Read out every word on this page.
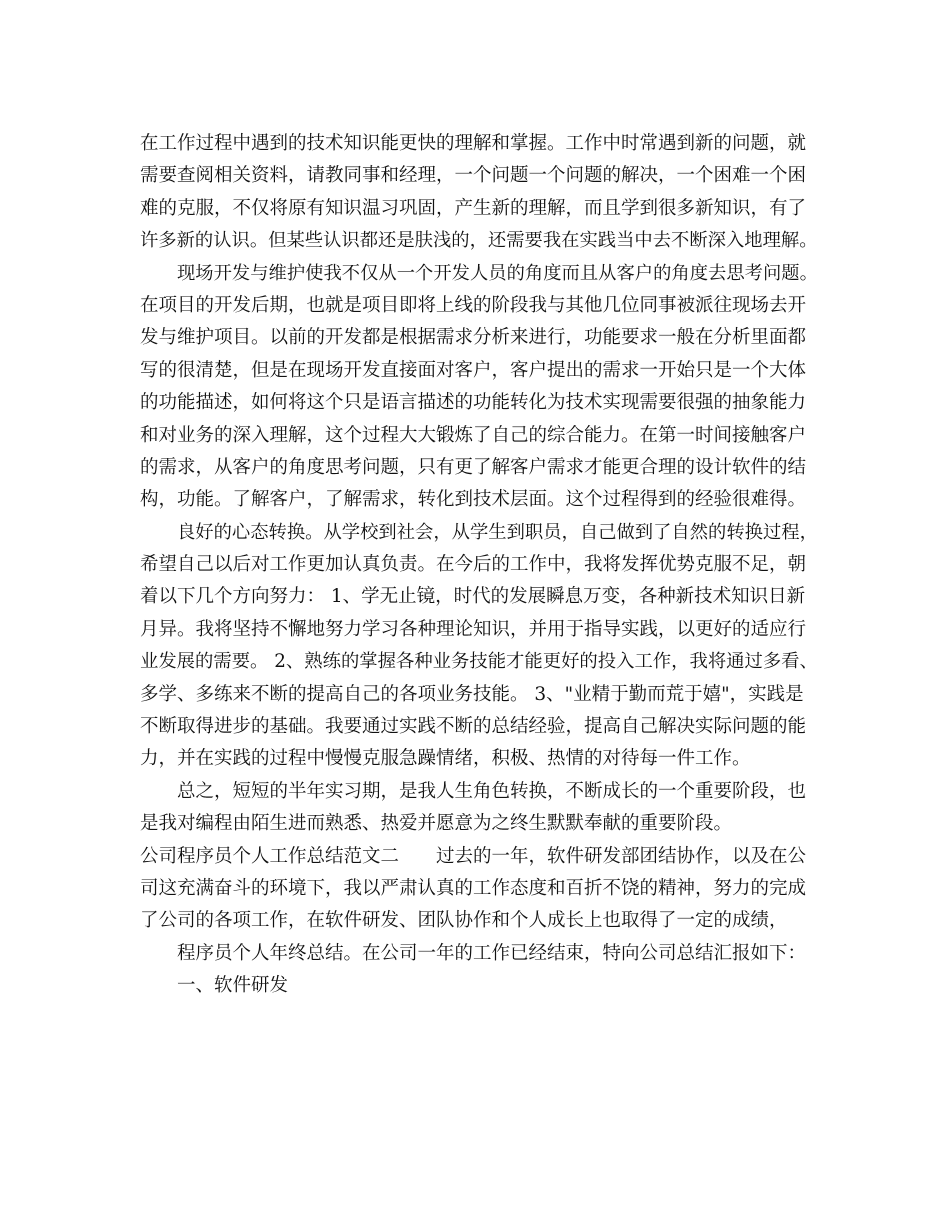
在工作过程中遇到的技术知识能更快的理解和掌握。工作中时常遇到新的问题，就
需要查阅相关资料，请教同事和经理，一个问题一个问题的解决，一个困难一个困
难的克服，不仅将原有知识温习巩固，产生新的理解，而且学到很多新知识，有了
许多新的认识。但某些认识都还是肤浅的，还需要我在实践当中去不断深入地理解。
现场开发与维护使我不仅从一个开发人员的角度而且从客户的角度去思考问题。
在项目的开发后期，也就是项目即将上线的阶段我与其他几位同事被派往现场去开
发与维护项目。以前的开发都是根据需求分析来进行，功能要求一般在分析里面都
写的很清楚，但是在现场开发直接面对客户，客户提出的需求一开始只是一个大体
的功能描述，如何将这个只是语言描述的功能转化为技术实现需要很强的抽象能力
和对业务的深入理解，这个过程大大锻炼了自己的综合能力。在第一时间接触客户
的需求，从客户的角度思考问题，只有更了解客户需求才能更合理的设计软件的结
构，功能。了解客户，了解需求，转化到技术层面。这个过程得到的经验很难得。
良好的心态转换。从学校到社会，从学生到职员，自己做到了自然的转换过程，
希望自己以后对工作更加认真负责。在今后的工作中，我将发挥优势克服不足，朝
着以下几个方向努力： 1、学无止镜，时代的发展瞬息万变，各种新技术知识日新
月异。我将坚持不懈地努力学习各种理论知识，并用于指导实践，以更好的适应行
业发展的需要。 2、熟练的掌握各种业务技能才能更好的投入工作，我将通过多看、
多学、多练来不断的提高自己的各项业务技能。 3、"业精于勤而荒于嬉"，实践是
不断取得进步的基础。我要通过实践不断的总结经验，提高自己解决实际问题的能
力，并在实践的过程中慢慢克服急躁情绪，积极、热情的对待每一件工作。
总之，短短的半年实习期，是我人生角色转换，不断成长的一个重要阶段，也
是我对编程由陌生进而熟悉、热爱并愿意为之终生默默奉献的重要阶段。
公司程序员个人工作总结范文二　　过去的一年，软件研发部团结协作，以及在公
司这充满奋斗的环境下，我以严肃认真的工作态度和百折不饶的精神，努力的完成
了公司的各项工作，在软件研发、团队协作和个人成长上也取得了一定的成绩，
程序员个人年终总结。在公司一年的工作已经结束，特向公司总结汇报如下：
一、软件研发
